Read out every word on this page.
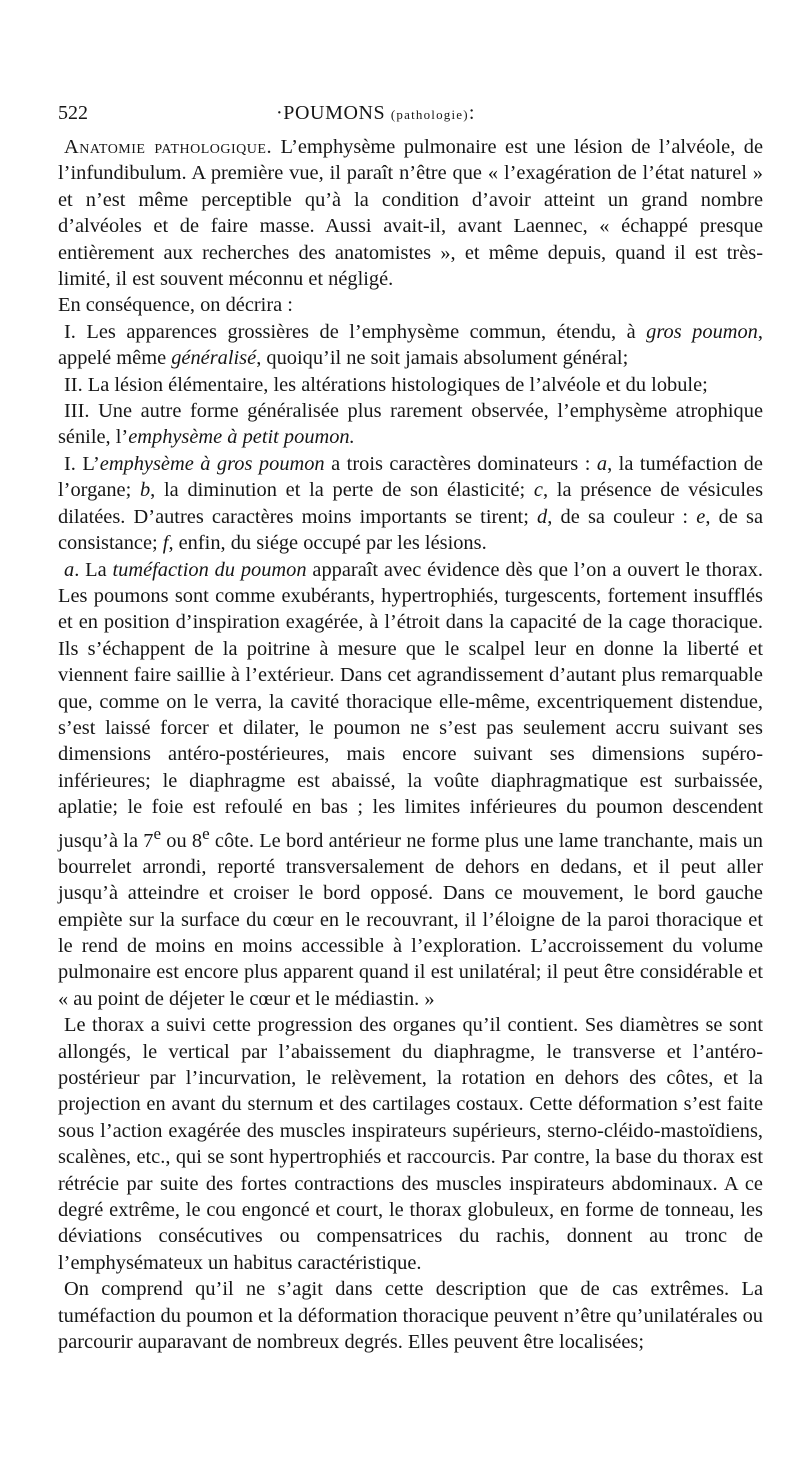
522	·POUMONS (pathologie):

Anatomie pathologique. L’emphysème pulmonaire est une lésion de l’alvéole, de l’infundibulum. A première vue, il paraît n’être que « l’exagération de l’état naturel » et n’est même perceptible qu’à la condition d’avoir atteint un grand nombre d’alvéoles et de faire masse. Aussi avait-il, avant Laennec, « échappé presque entièrement aux recherches des anatomistes », et même depuis, quand il est très-limité, il est souvent méconnu et négligé.

En conséquence, on décrira :

I. Les apparences grossières de l’emphysème commun, étendu, à gros poumon, appelé même généralisé, quoiqu’il ne soit jamais absolument général;

II. La lésion élémentaire, les altérations histologiques de l’alvéole et du lobule;

III. Une autre forme généralisée plus rarement observée, l’emphysème atrophique sénile, l’emphysème à petit poumon.

I. L’emphysème à gros poumon a trois caractères dominateurs : a, la tuméfaction de l’organe; b, la diminution et la perte de son élasticité; c, la présence de vésicules dilatées. D’autres caractères moins importants se tirent; d, de sa couleur : e, de sa consistance; f, enfin, du siége occupé par les lésions.

a. La tuméfaction du poumon apparaît avec évidence dès que l’on a ouvert le thorax. Les poumons sont comme exubérants, hypertrophiés, turgescents, fortement insufflés et en position d’inspiration exagérée, à l’étroit dans la capacité de la cage thoracique. Ils s’échappent de la poitrine à mesure que le scalpel leur en donne la liberté et viennent faire saillie à l’extérieur. Dans cet agrandissement d’autant plus remarquable que, comme on le verra, la cavité thoracique elle-même, excentriquement distendue, s’est laissé forcer et dilater, le poumon ne s’est pas seulement accru suivant ses dimensions antéro-postérieures, mais encore suivant ses dimensions supéro-inférieures; le diaphragme est abaissé, la voûte diaphragmatique est surbaissée, aplatie; le foie est refoulé en bas ; les limites inférieures du poumon descendent jusqu’à la 7e ou 8e côte. Le bord antérieur ne forme plus une lame tranchante, mais un bourrelet arrondi, reporté transversalement de dehors en dedans, et il peut aller jusqu’à atteindre et croiser le bord opposé. Dans ce mouvement, le bord gauche empiète sur la surface du cœur en le recouvrant, il l’éloigne de la paroi thoracique et le rend de moins en moins accessible à l’exploration. L’accroissement du volume pulmonaire est encore plus apparent quand il est unilatéral; il peut être considérable et « au point de déjeter le cœur et le médiastin. »

Le thorax a suivi cette progression des organes qu’il contient. Ses diamètres se sont allongés, le vertical par l’abaissement du diaphragme, le transverse et l’antéro-postérieur par l’incurvation, le relèvement, la rotation en dehors des côtes, et la projection en avant du sternum et des cartilages costaux. Cette déformation s’est faite sous l’action exagérée des muscles inspirateurs supérieurs, sterno-cléido-mastoïdiens, scalènes, etc., qui se sont hypertrophiés et raccourcis. Par contre, la base du thorax est rétrécie par suite des fortes contractions des muscles inspirateurs abdominaux. A ce degré extrême, le cou engoncé et court, le thorax globuleux, en forme de tonneau, les déviations consécutives ou compensatrices du rachis, donnent au tronc de l’emphysémateux un habitus caractéristique.

On comprend qu’il ne s’agit dans cette description que de cas extrêmes. La tuméfaction du poumon et la déformation thoracique peuvent n’être qu’unilatérales ou parcourir auparavant de nombreux degrés. Elles peuvent être localisées;
